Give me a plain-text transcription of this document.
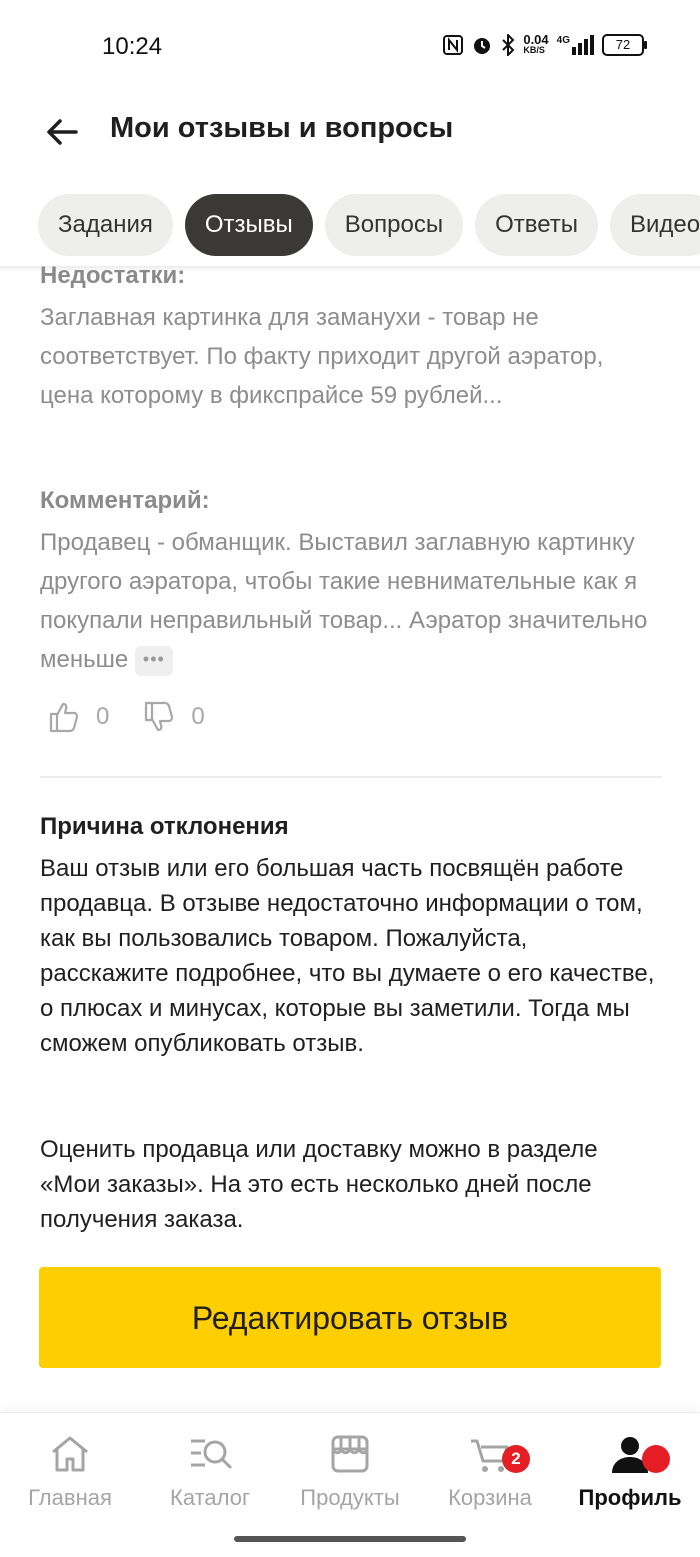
10:24	0.04
KB/S
4G	72
Мои отзывы и вопросы
Задания	Отзывы	Вопросы	Ответы	Видео
Недостатки:
Заглавная картинка для заманухи - товар не соответствует. По факту приходит другой аэратор, цена которому в фикспрайсе 59 рублей...
Комментарий:
Продавец - обманщик. Выставил заглавную картинку другого аэратора, чтобы такие невнимательные как я покупали неправильный товар... Аэратор значительно меньше •••
0	0
Причина отклонения
Ваш отзыв или его большая часть посвящён работе продавца. В отзыве недостаточно информации о том, как вы пользовались товаром. Пожалуйста, расскажите подробнее, что вы думаете о его качестве, о плюсах и минусах, которые вы заметили. Тогда мы сможем опубликовать отзыв.
Оценить продавца или доставку можно в разделе «Мои заказы». На это есть несколько дней после получения заказа.
Редактировать отзыв
Главная	Каталог	Продукты	Корзина
2
Профиль
